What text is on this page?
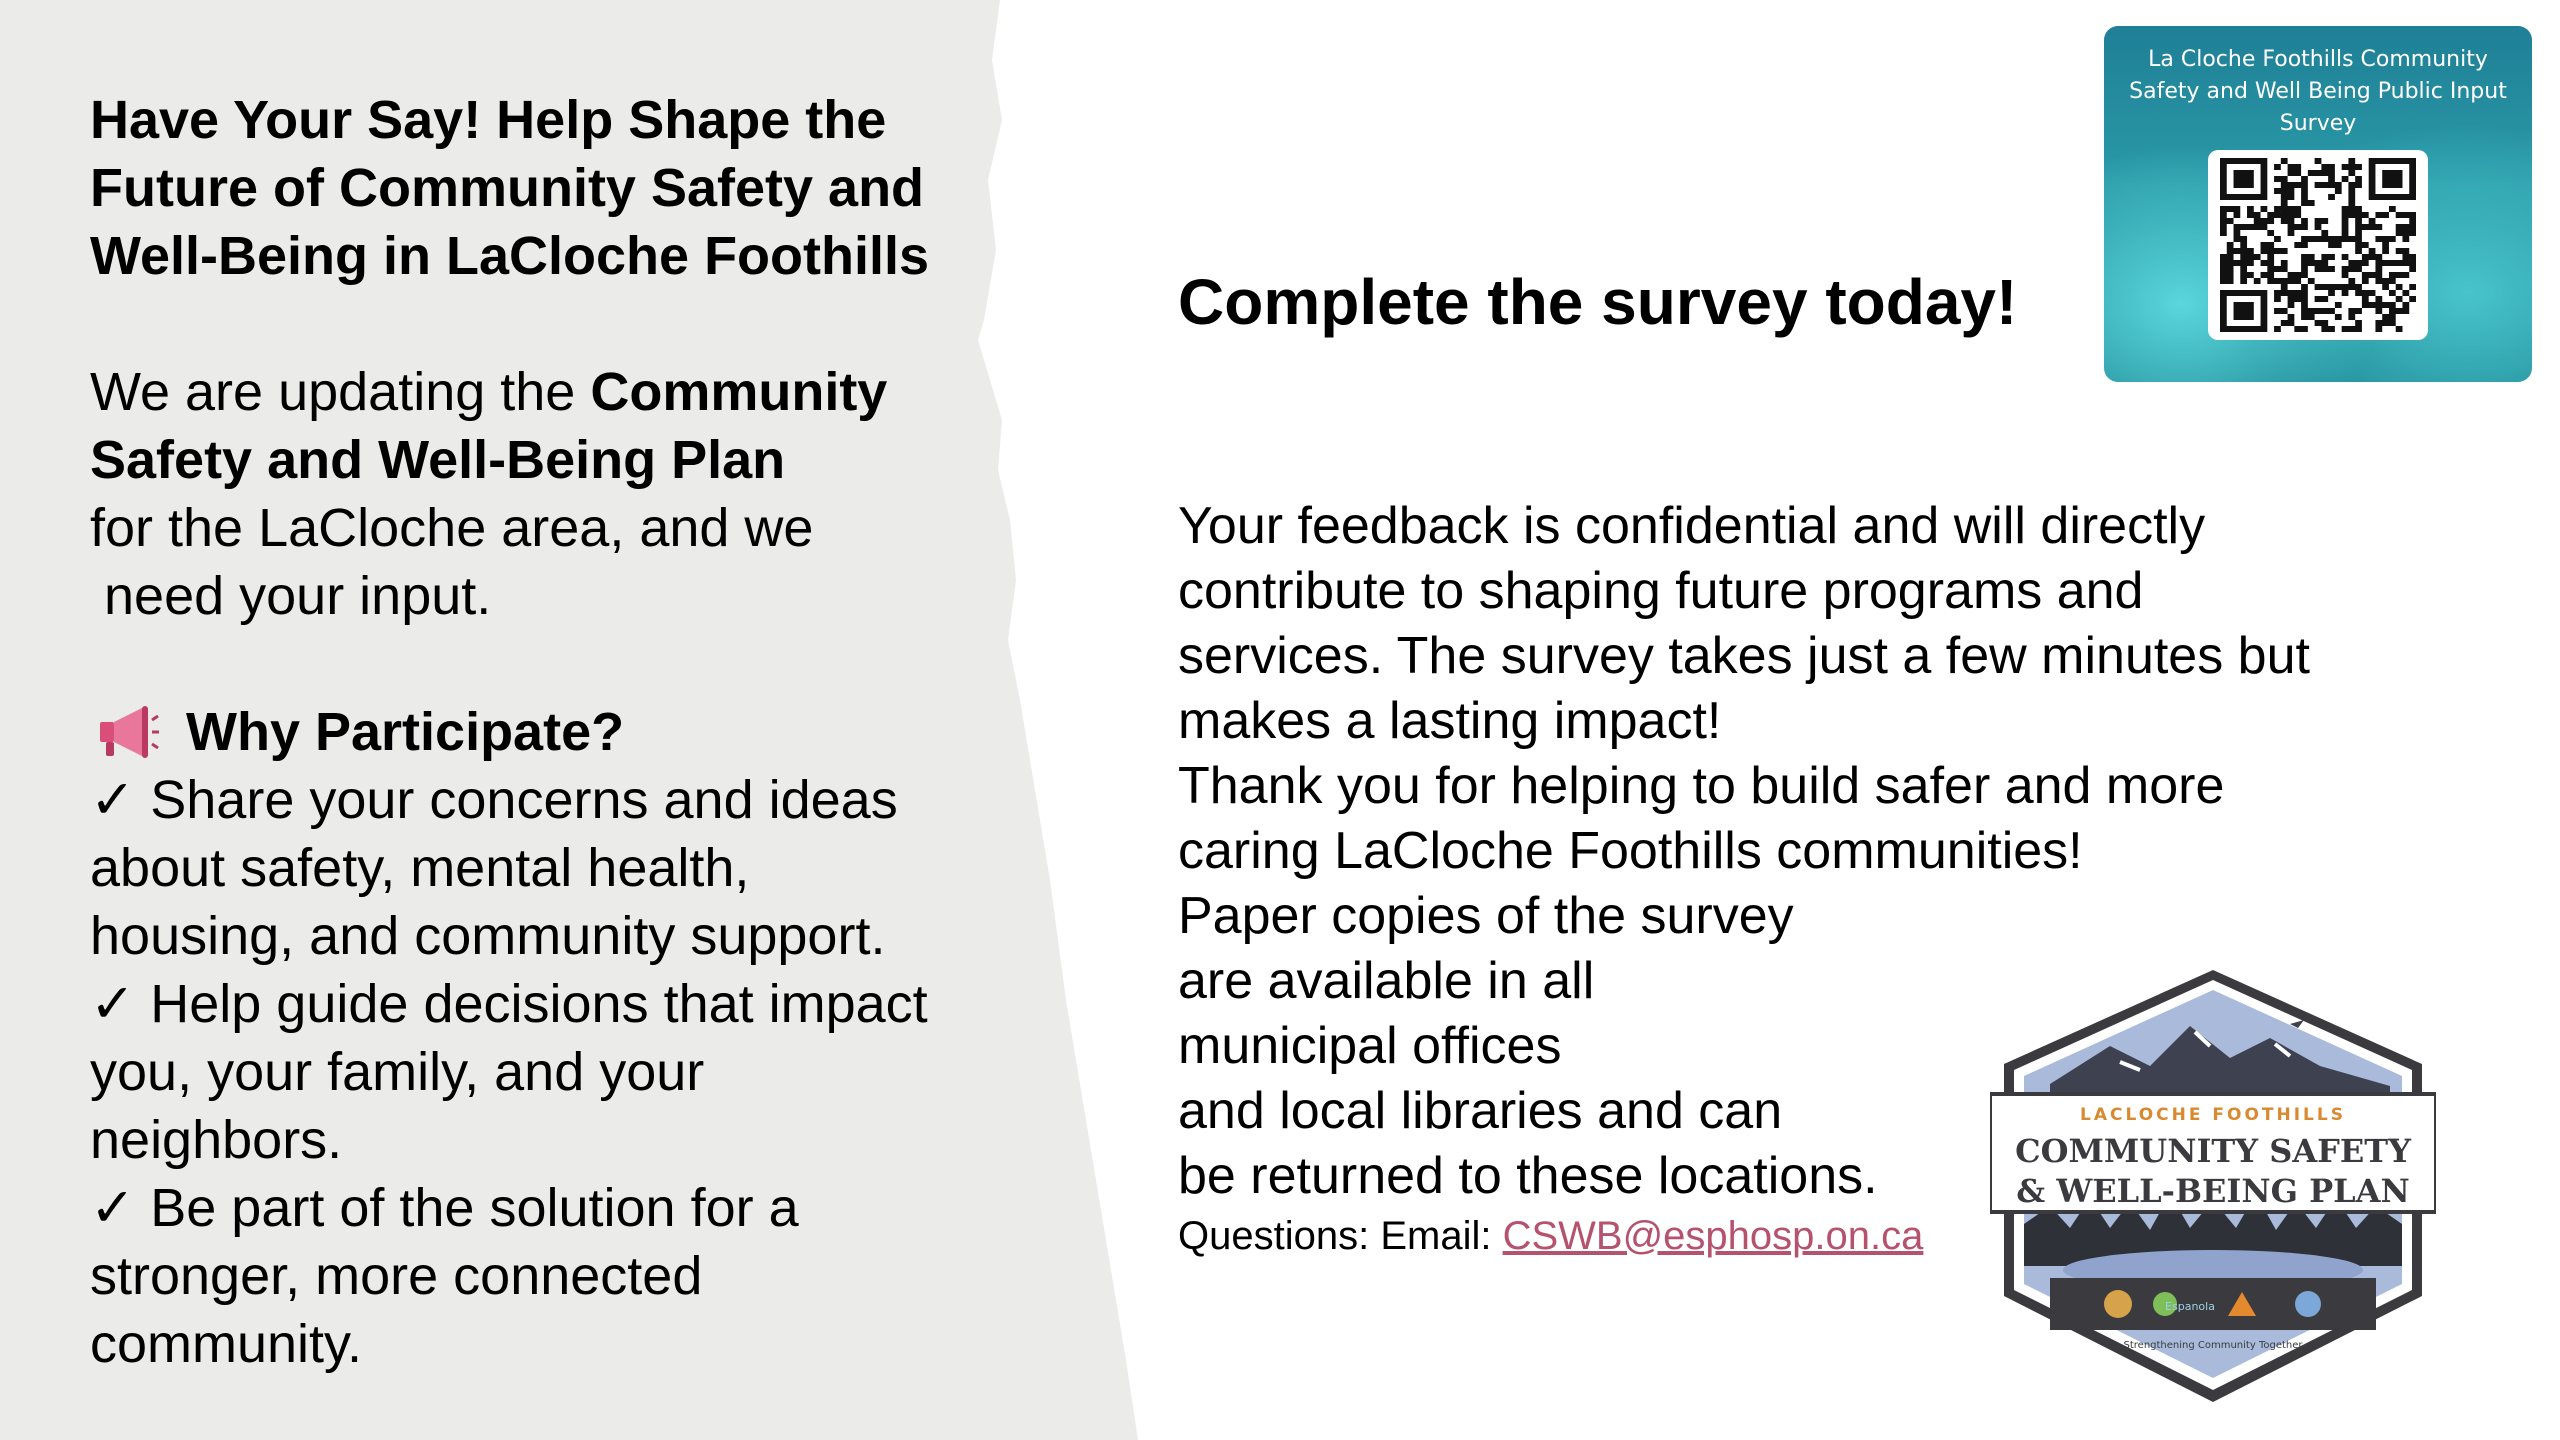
Have Your Say! Help Shape the
Future of Community Safety and
Well-Being in LaCloche Foothills
We are updating the Community
Safety and Well-Being Plan
for the LaCloche area, and we
need your input.
Why Participate?
✓ Share your concerns and ideas
about safety, mental health,
housing, and community support.
✓ Help guide decisions that impact
you, your family, and your
neighbors.
✓ Be part of the solution for a
stronger, more connected
community.
Complete the survey today!
La Cloche Foothills Community
Safety and Well Being Public Input
Survey
Your feedback is confidential and will directly
contribute to shaping future programs and
services. The survey takes just a few minutes but
makes a lasting impact!
Thank you for helping to build safer and more
caring LaCloche Foothills communities!
Paper copies of the survey
are available in all
municipal offices
and local libraries and can
be returned to these locations.
Questions: Email: CSWB@esphosp.on.ca
LACLOCHE FOOTHILLS
COMMUNITY SAFETY
& WELL-BEING PLAN
Espanola
Strengthening Community Together
